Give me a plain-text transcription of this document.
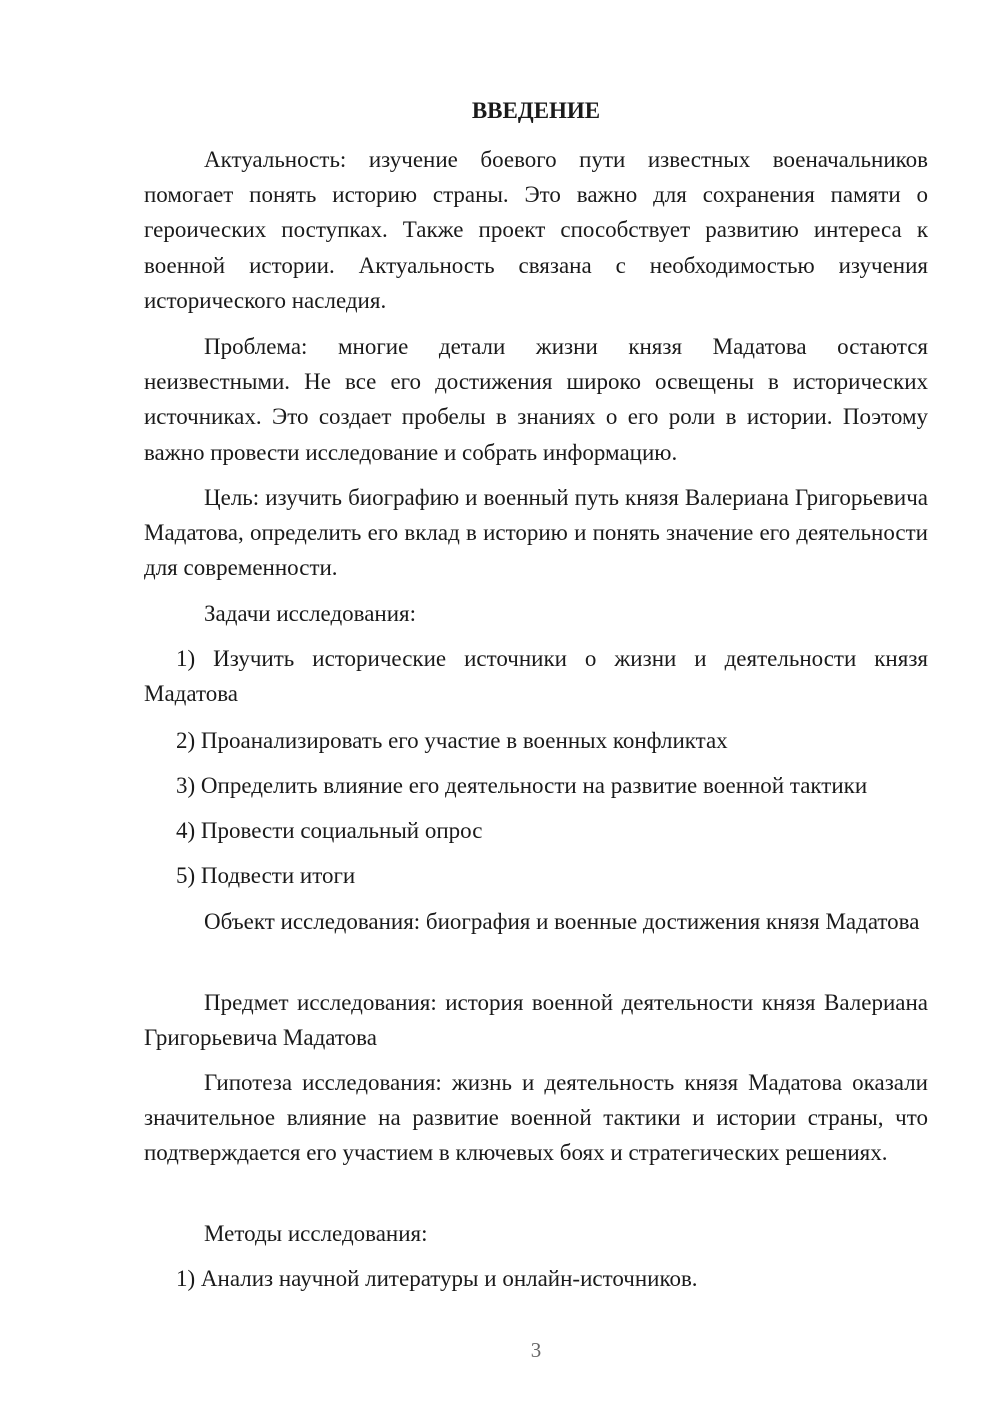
ВВЕДЕНИЕ

Актуальность: изучение боевого пути известных военачальников помогает понять историю страны. Это важно для сохранения памяти о героических поступках. Также проект способствует развитию интереса к военной истории. Актуальность связана с необходимостью изучения исторического наследия.

Проблема: многие детали жизни князя Мадатова остаются неизвестными. Не все его достижения широко освещены в исторических источниках. Это создает пробелы в знаниях о его роли в истории. Поэтому важно провести исследование и собрать информацию.

Цель: изучить биографию и военный путь князя Валериана Григорьевича Мадатова, определить его вклад в историю и понять значение его деятельности для современности.

Задачи исследования:

1) Изучить исторические источники о жизни и деятельности князя Мадатова

2) Проанализировать его участие в военных конфликтах

3) Определить влияние его деятельности на развитие военной тактики

4) Провести социальный опрос

5) Подвести итоги

Объект исследования: биография и военные достижения князя Мадатова

Предмет исследования: история военной деятельности князя Валериана Григорьевича Мадатова

Гипотеза исследования: жизнь и деятельность князя Мадатова оказали значительное влияние на развитие военной тактики и истории страны, что подтверждается его участием в ключевых боях и стратегических решениях.

Методы исследования:

1) Анализ научной литературы и онлайн-источников.

3
